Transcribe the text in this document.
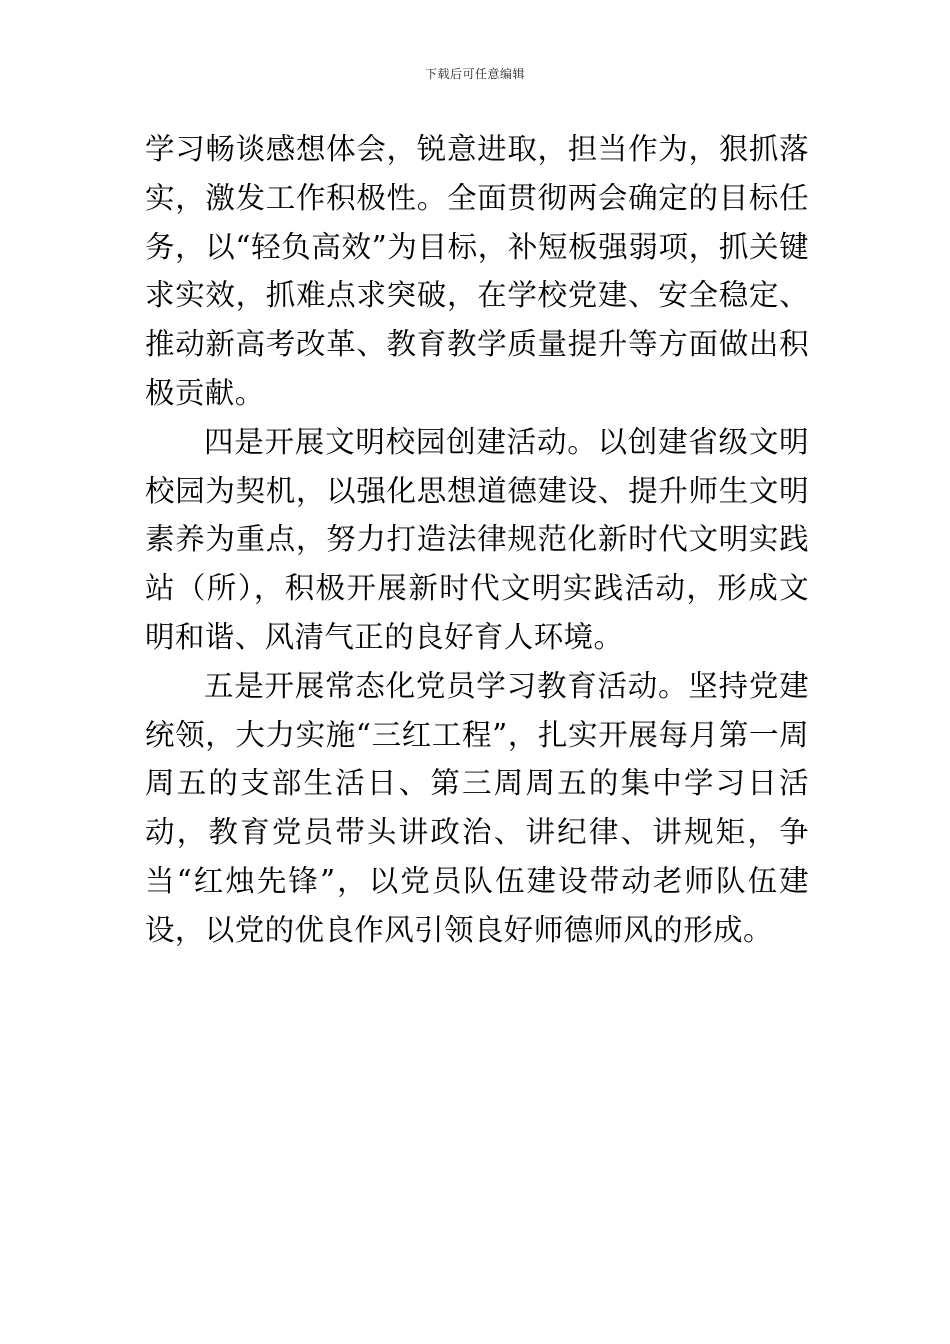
下载后可任意编辑

学习畅谈感想体会，锐意进取，担当作为，狠抓落实，激发工作积极性。全面贯彻两会确定的目标任务，以“轻负高效”为目标，补短板强弱项，抓关键求实效，抓难点求突破，在学校党建、安全稳定、推动新高考改革、教育教学质量提升等方面做出积极贡献。

四是开展文明校园创建活动。以创建省级文明校园为契机，以强化思想道德建设、提升师生文明素养为重点，努力打造法律规范化新时代文明实践站（所），积极开展新时代文明实践活动，形成文明和谐、风清气正的良好育人环境。

五是开展常态化党员学习教育活动。坚持党建统领，大力实施“三红工程”，扎实开展每月第一周周五的支部生活日、第三周周五的集中学习日活动，教育党员带头讲政治、讲纪律、讲规矩，争当“红烛先锋”，以党员队伍建设带动老师队伍建设，以党的优良作风引领良好师德师风的形成。
